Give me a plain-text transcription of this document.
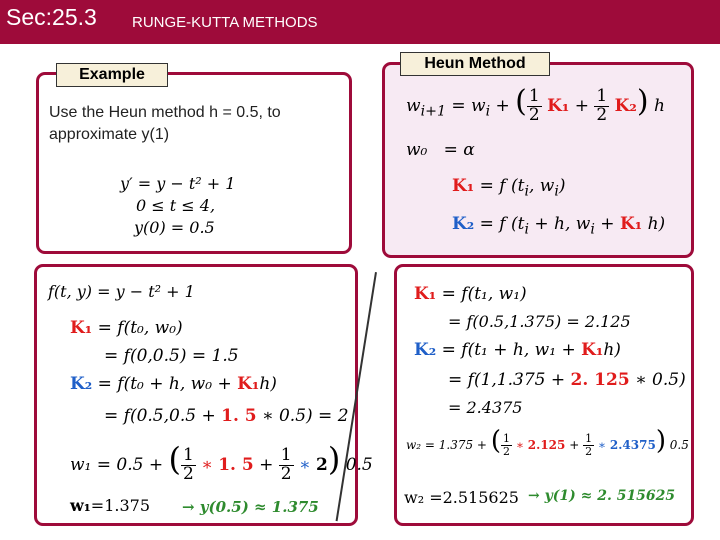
Sec:25.3 RUNGE-KUTTA METHODS
Example
Use the Heun method h = 0.5, to
approximate y(1)
y′ = y − t² + 1
0 ≤ t ≤ 4,
y(0) = 0.5
Heun Method
$w_{i+1} = w_i$ + ( $\frac{1}{2} K_1 + \frac{1}{2} K_2$) h
w₀   = α
K₁ = f ($t_i$, $w_i$)
K₂ = f ($t_i + h$, $w_i + K_1$ h)
f(t, y) = y − t² + 1
K₁ = f(t₀, w₀)
= f(0,0.5) = 1.5
K₂ = f(t₀ + h, w₀ + K₁h)
= f(0.5,0.5 + 1. 5 ∗ 0.5) = 2
w₁ = 0.5 + ( $\frac{1}{2}$ ∗ 1. $5 + \frac{1}{2}$ ∗ 2) 0.5
w₁=1.375 → y(0.5) ≈ 1.375
K₁ = f(t₁, w₁)
= f(0.5,1.375) = 2.125
K₂ = f(t₁ + h, w₁ + K₁h)
= f(1,1.375 + 2. 125 ∗ 0.5)
= 2.4375
w₂ = 1.375 + ( $\frac{1}{2}$ ∗ $2.125 + \frac{1}{2}$ ∗ 2.4375) 0.5
w₂ =2.515625 → y(1) ≈ 2. 515625
